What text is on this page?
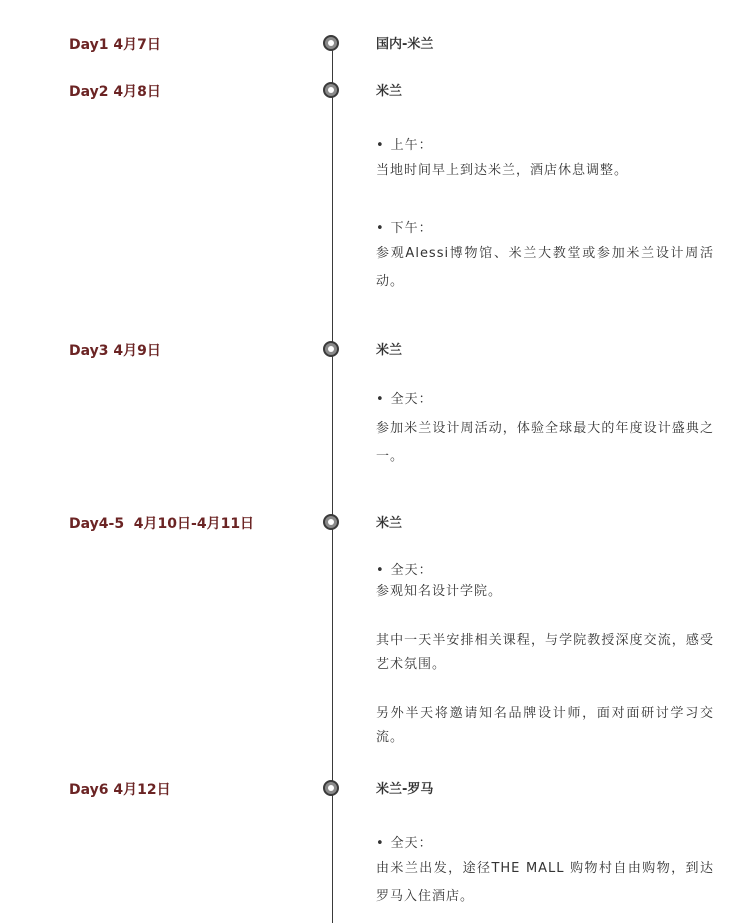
Day1 4月7日	国内-米兰
Day2 4月8日	米兰
• 上午：
当地时间早上到达米兰，酒店休息调整。
• 下午：
参观Alessi博物馆、米兰大教堂或参加米兰设计周活动。
Day3 4月9日	米兰
• 全天：
参加米兰设计周活动，体验全球最大的年度设计盛典之一。
Day4-5  4月10日-4月11日	米兰
• 全天：
参观知名设计学院。
其中一天半安排相关课程，与学院教授深度交流，感受艺术氛围。
另外半天将邀请知名品牌设计师，面对面研讨学习交流。
Day6 4月12日	米兰-罗马
• 全天：
由米兰出发，途径THE MALL 购物村自由购物，到达罗马入住酒店。
